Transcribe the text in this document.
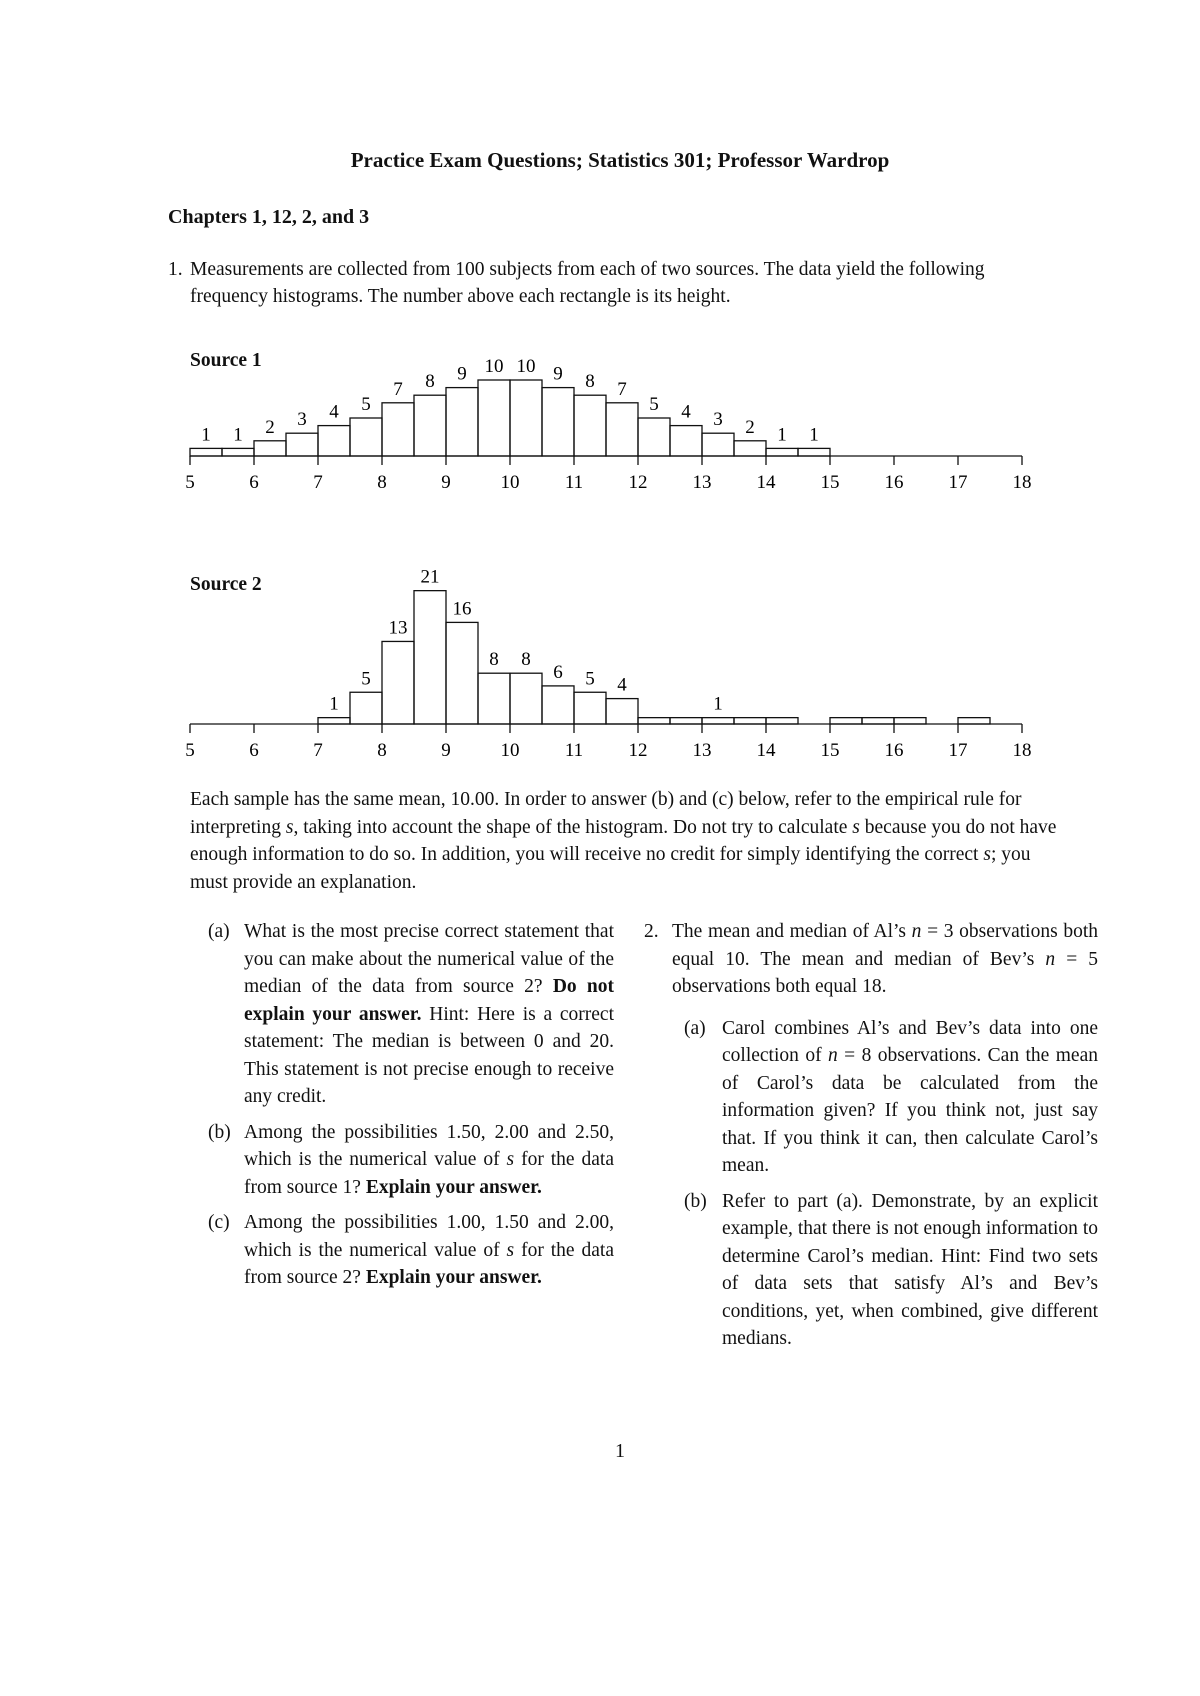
Practice Exam Questions; Statistics 301; Professor Wardrop
Chapters 1, 12, 2, and 3
1. Measurements are collected from 100 subjects from each of two sources. The data yield the following frequency histograms. The number above each rectangle is its height.
Source 1
5	6	7	8	9	10 11 12 13 14 15 16 17 18
1 1 2 3 4 5
7 8 9 10 10 9 8 7
5 4 3 2 1 1
Source 2
5	6	7	8	9	10 11 12 13 14 15 16 17 18
1
5
13
21
16
8 8
6 5 4
1
Each sample has the same mean, 10.00. In order to answer (b) and (c) below, refer to the empirical rule for interpreting s, taking into account the shape of the histogram. Do not try to calculate s because you do not have enough information to do so. In addition, you will receive no credit for simply identifying the correct s; you must provide an explanation.
(a) What is the most precise correct statement that you can make about the numerical value of the median of the data from source 2? Do not explain your answer. Hint: Here is a correct statement: The median is between 0 and 20. This statement is not precise enough to receive any credit.
(b) Among the possibilities 1.50, 2.00 and 2.50, which is the numerical value of s for the data from source 1? Explain your answer.
(c) Among the possibilities 1.00, 1.50 and 2.00, which is the numerical value of s for the data from source 2? Explain your answer.
2. The mean and median of Al’s n = 3 observations both equal 10. The mean and median of Bev’s n = 5 observations both equal 18.
(a) Carol combines Al’s and Bev’s data into one collection of n = 8 observations. Can the mean of Carol’s data be calculated from the information given? If you think not, just say that. If you think it can, then calculate Carol’s mean.
(b) Refer to part (a). Demonstrate, by an explicit example, that there is not enough information to determine Carol’s median. Hint: Find two sets of data sets that satisfy Al’s and Bev’s conditions, yet, when combined, give different medians.
1
